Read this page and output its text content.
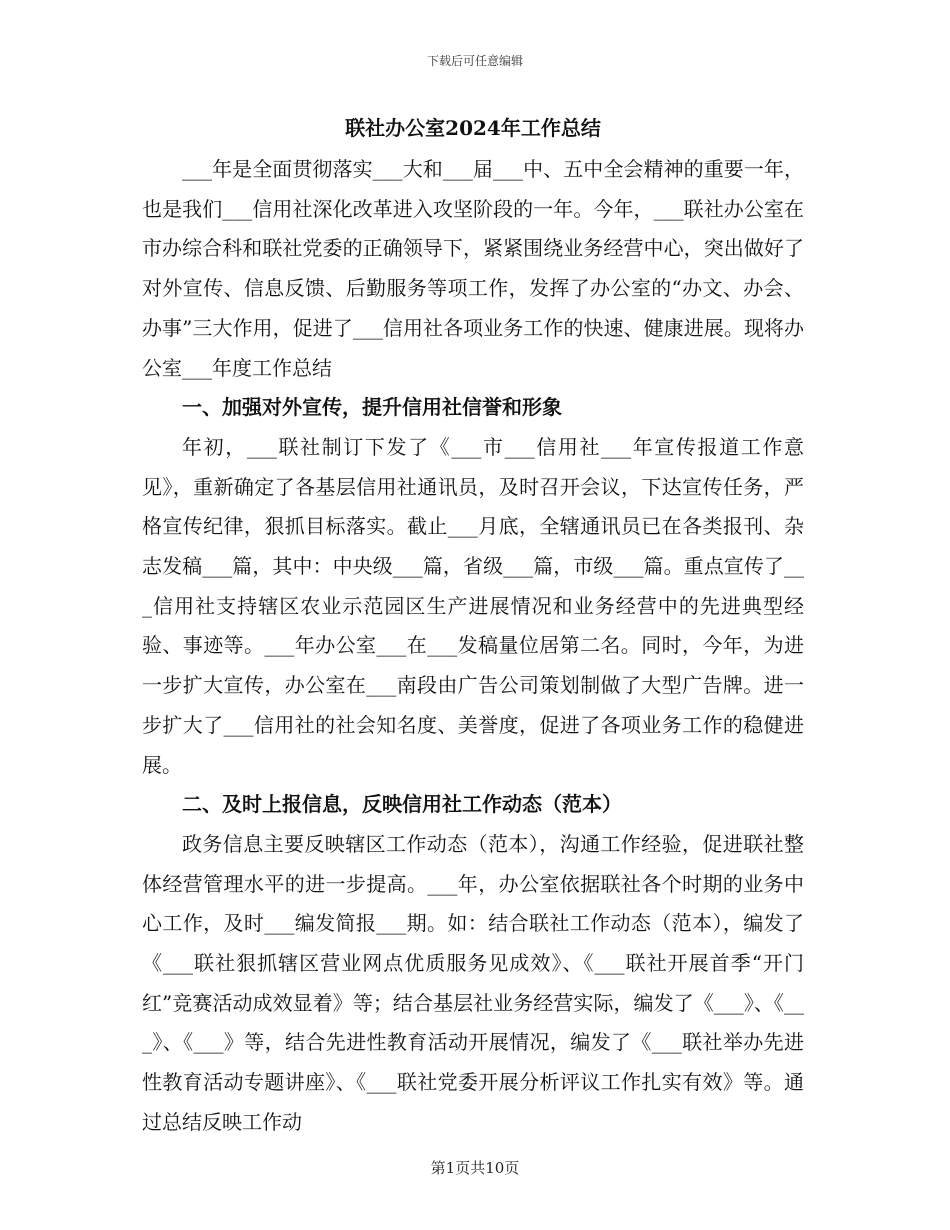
下载后可任意编辑
联社办公室2024年工作总结

___年是全面贯彻落实___大和___届___中、五中全会精神的重要一年，也是我们___信用社深化改革进入攻坚阶段的一年。今年，___联社办公室在市办综合科和联社党委的正确领导下，紧紧围绕业务经营中心，突出做好了对外宣传、信息反馈、后勤服务等项工作，发挥了办公室的“办文、办会、办事”三大作用，促进了___信用社各项业务工作的快速、健康进展。现将办公室___年度工作总结

一、加强对外宣传，提升信用社信誉和形象

年初，___联社制订下发了《___市___信用社___年宣传报道工作意见》，重新确定了各基层信用社通讯员，及时召开会议，下达宣传任务，严格宣传纪律，狠抓目标落实。截止___月底，全辖通讯员已在各类报刊、杂志发稿___篇，其中：中央级___篇，省级___篇，市级___篇。重点宣传了___信用社支持辖区农业示范园区生产进展情况和业务经营中的先进典型经验、事迹等。___年办公室___在___发稿量位居第二名。同时，今年，为进一步扩大宣传，办公室在___南段由广告公司策划制做了大型广告牌。进一步扩大了___信用社的社会知名度、美誉度，促进了各项业务工作的稳健进展。

二、及时上报信息，反映信用社工作动态（范本）

政务信息主要反映辖区工作动态（范本），沟通工作经验，促进联社整体经营管理水平的进一步提高。___年，办公室依据联社各个时期的业务中心工作，及时___编发简报___期。如：结合联社工作动态（范本），编发了《___联社狠抓辖区营业网点优质服务见成效》、《___联社开展首季“开门红”竞赛活动成效显着》等；结合基层社业务经营实际，编发了《___》、《___》、《___》等，结合先进性教育活动开展情况，编发了《___联社举办先进性教育活动专题讲座》、《___联社党委开展分析评议工作扎实有效》等。通过总结反映工作动

第1页共10页
